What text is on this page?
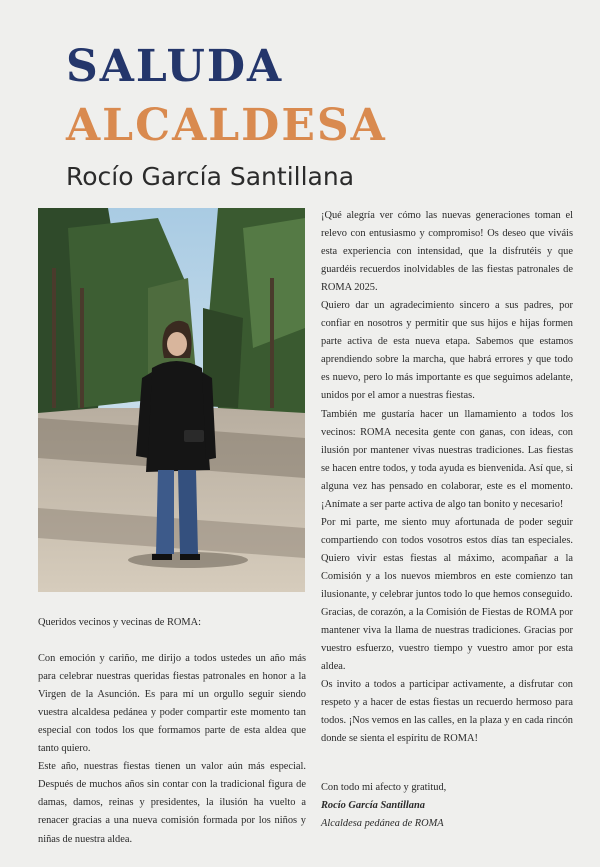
SALUDA
ALCALDESA
Rocío García Santillana

¡Qué alegría ver cómo las nuevas generaciones toman el relevo con entusiasmo y compromiso! Os deseo que viváis esta experiencia con intensidad, que la disfrutéis y que guardéis recuerdos inolvidables de las fiestas patronales de ROMA 2025.

Quiero dar un agradecimiento sincero a sus padres, por confiar en nosotros y permitir que sus hijos e hijas formen parte activa de esta nueva etapa. Sabemos que estamos aprendiendo sobre la marcha, que habrá errores y que todo es nuevo, pero lo más importante es que seguimos adelante, unidos por el amor a nuestras fiestas.

También me gustaría hacer un llamamiento a todos los vecinos: ROMA necesita gente con ganas, con ideas, con ilusión por mantener vivas nuestras tradiciones. Las fiestas se hacen entre todos, y toda ayuda es bienvenida. Así que, si alguna vez has pensado en colaborar, este es el momento. ¡Anímate a ser parte activa de algo tan bonito y necesario!

Por mi parte, me siento muy afortunada de poder seguir compartiendo con todos vosotros estos días tan especiales. Quiero vivir estas fiestas al máximo, acompañar a la Comisión y a los nuevos miembros en este comienzo tan ilusionante, y celebrar juntos todo lo que hemos conseguido.

Gracias, de corazón, a la Comisión de Fiestas de ROMA por mantener viva la llama de nuestras tradiciones. Gracias por vuestro esfuerzo, vuestro tiempo y vuestro amor por esta aldea.

Os invito a todos a participar activamente, a disfrutar con respeto y a hacer de estas fiestas un recuerdo hermoso para todos. ¡Nos vemos en las calles, en la plaza y en cada rincón donde se sienta el espíritu de ROMA!

Queridos vecinos y vecinas de ROMA:

Con emoción y cariño, me dirijo a todos ustedes un año más para celebrar nuestras queridas fiestas patronales en honor a la Virgen de la Asunción. Es para mí un orgullo seguir siendo vuestra alcaldesa pedánea y poder compartir este momento tan especial con todos los que formamos parte de esta aldea que tanto quiero.

Este año, nuestras fiestas tienen un valor aún más especial. Después de muchos años sin contar con la tradicional figura de damas, damos, reinas y presidentes, la ilusión ha vuelto a renacer gracias a una nueva comisión formada por los niños y niñas de nuestra aldea.

Con todo mi afecto y gratitud,

Rocío García Santillana

Alcaldesa pedánea de ROMA
